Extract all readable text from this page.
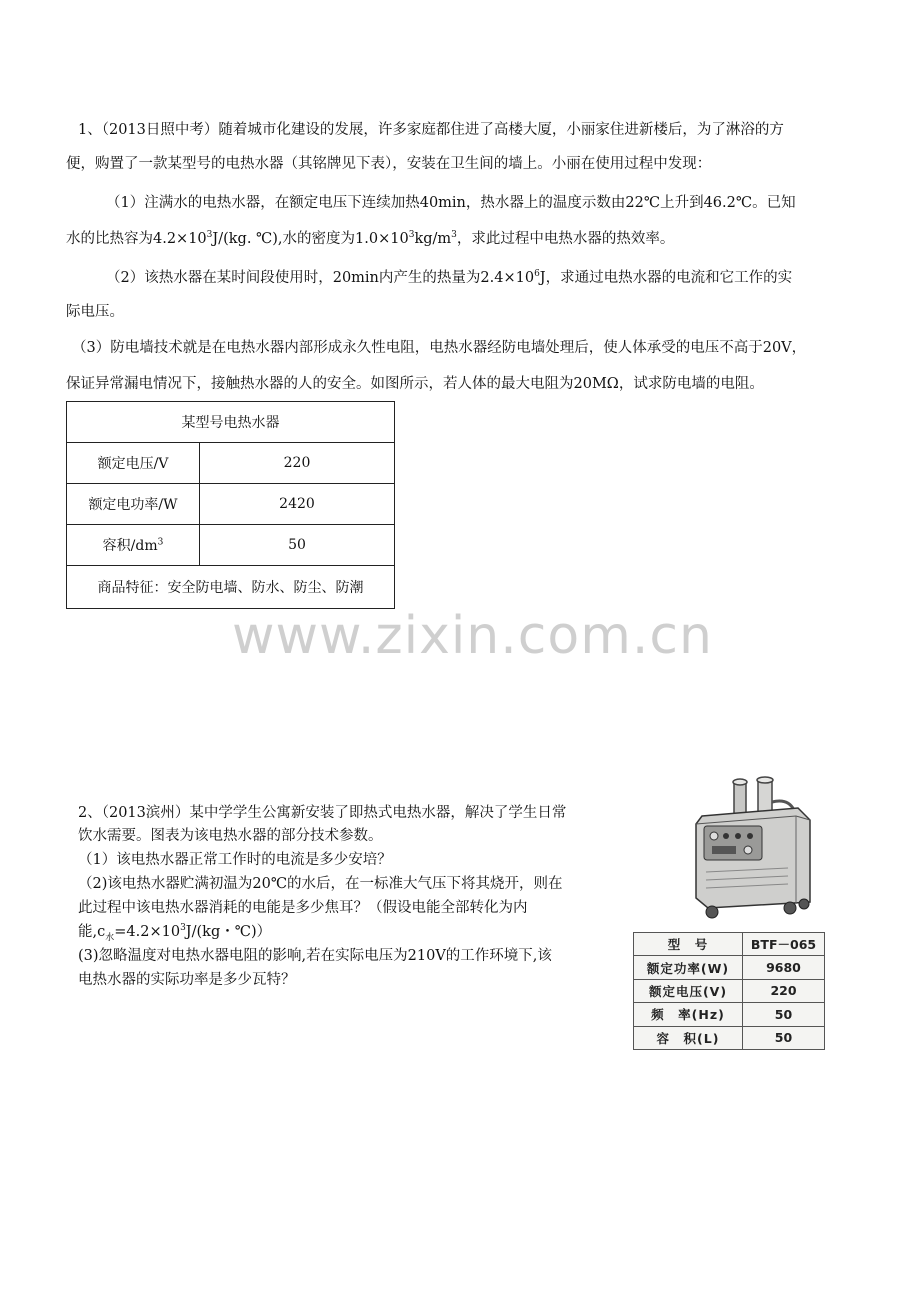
1、（2013日照中考）随着城市化建设的发展，许多家庭都住进了高楼大厦，小丽家住进新楼后，为了淋浴的方
便，购置了一款某型号的电热水器（其铭牌见下表），安装在卫生间的墙上。小丽在使用过程中发现：
（1）注满水的电热水器，在额定电压下连续加热40min，热水器上的温度示数由22℃上升到46.2℃。已知
水的比热容为$4.2\times 10^3J/(kg$. ℃),水的密度为$1.0\times 10^3kg/m^3$，求此过程中电热水器的热效率。
（2）该热水器在某时间段使用时，20min内产生的热量为$2.4\times 10^6J$，求通过电热水器的电流和它工作的实
际电压。
（3）防电墙技术就是在电热水器内部形成永久性电阻，电热水器经防电墙处理后，使人体承受的电压不高于20V，
保证异常漏电情况下，接触热水器的人的安全。如图所示，若人体的最大电阻为20MΩ，试求防电墙的电阻。
某型号电热水器	
额定电压/V	220
额定电功率/W	2420
容积$/dm^3$	50
商品特征：安全防电墙、防水、防尘、防潮	
www.zixin.com.cn
2、（2013滨州）某中学学生公寓新安装了即热式电热水器，解决了学生日常
饮水需要。图表为该电热水器的部分技术参数。
（1）该电热水器正常工作时的电流是多少安培？
（2)该电热水器贮满初温为20℃的水后，在一标准大气压下将其烧开，则在
此过程中该电热水器消耗的电能是多少焦耳？（假设电能全部转化为内
能$,c_水=4.2\times 10^3J/(kg$・℃)）
(3)忽略温度对电热水器电阻的影响,若在实际电压为210V的工作环境下,该
电热水器的实际功率是多少瓦特？
型　号	BTF－065
额定功率(W)	9680
额定电压(V)	220
频　率(Hz)	50
容　积(L)	50
